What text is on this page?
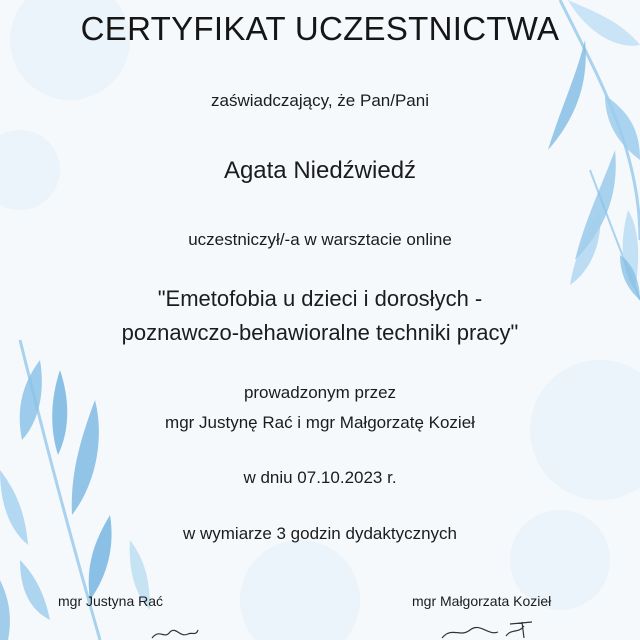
CERTYFIKAT UCZESTNICTWA
zaświadczający, że Pan/Pani
Agata Niedźwiedź
uczestniczył/-a w warsztacie online
"Emetofobia u dzieci i dorosłych -
poznawczo-behawioralne techniki pracy"
prowadzonym przez
mgr Justynę Rać i mgr Małgorzatę Kozieł
w dniu 07.10.2023 r.
w wymiarze 3 godzin dydaktycznych
mgr Justyna Rać	mgr Małgorzata Kozieł
